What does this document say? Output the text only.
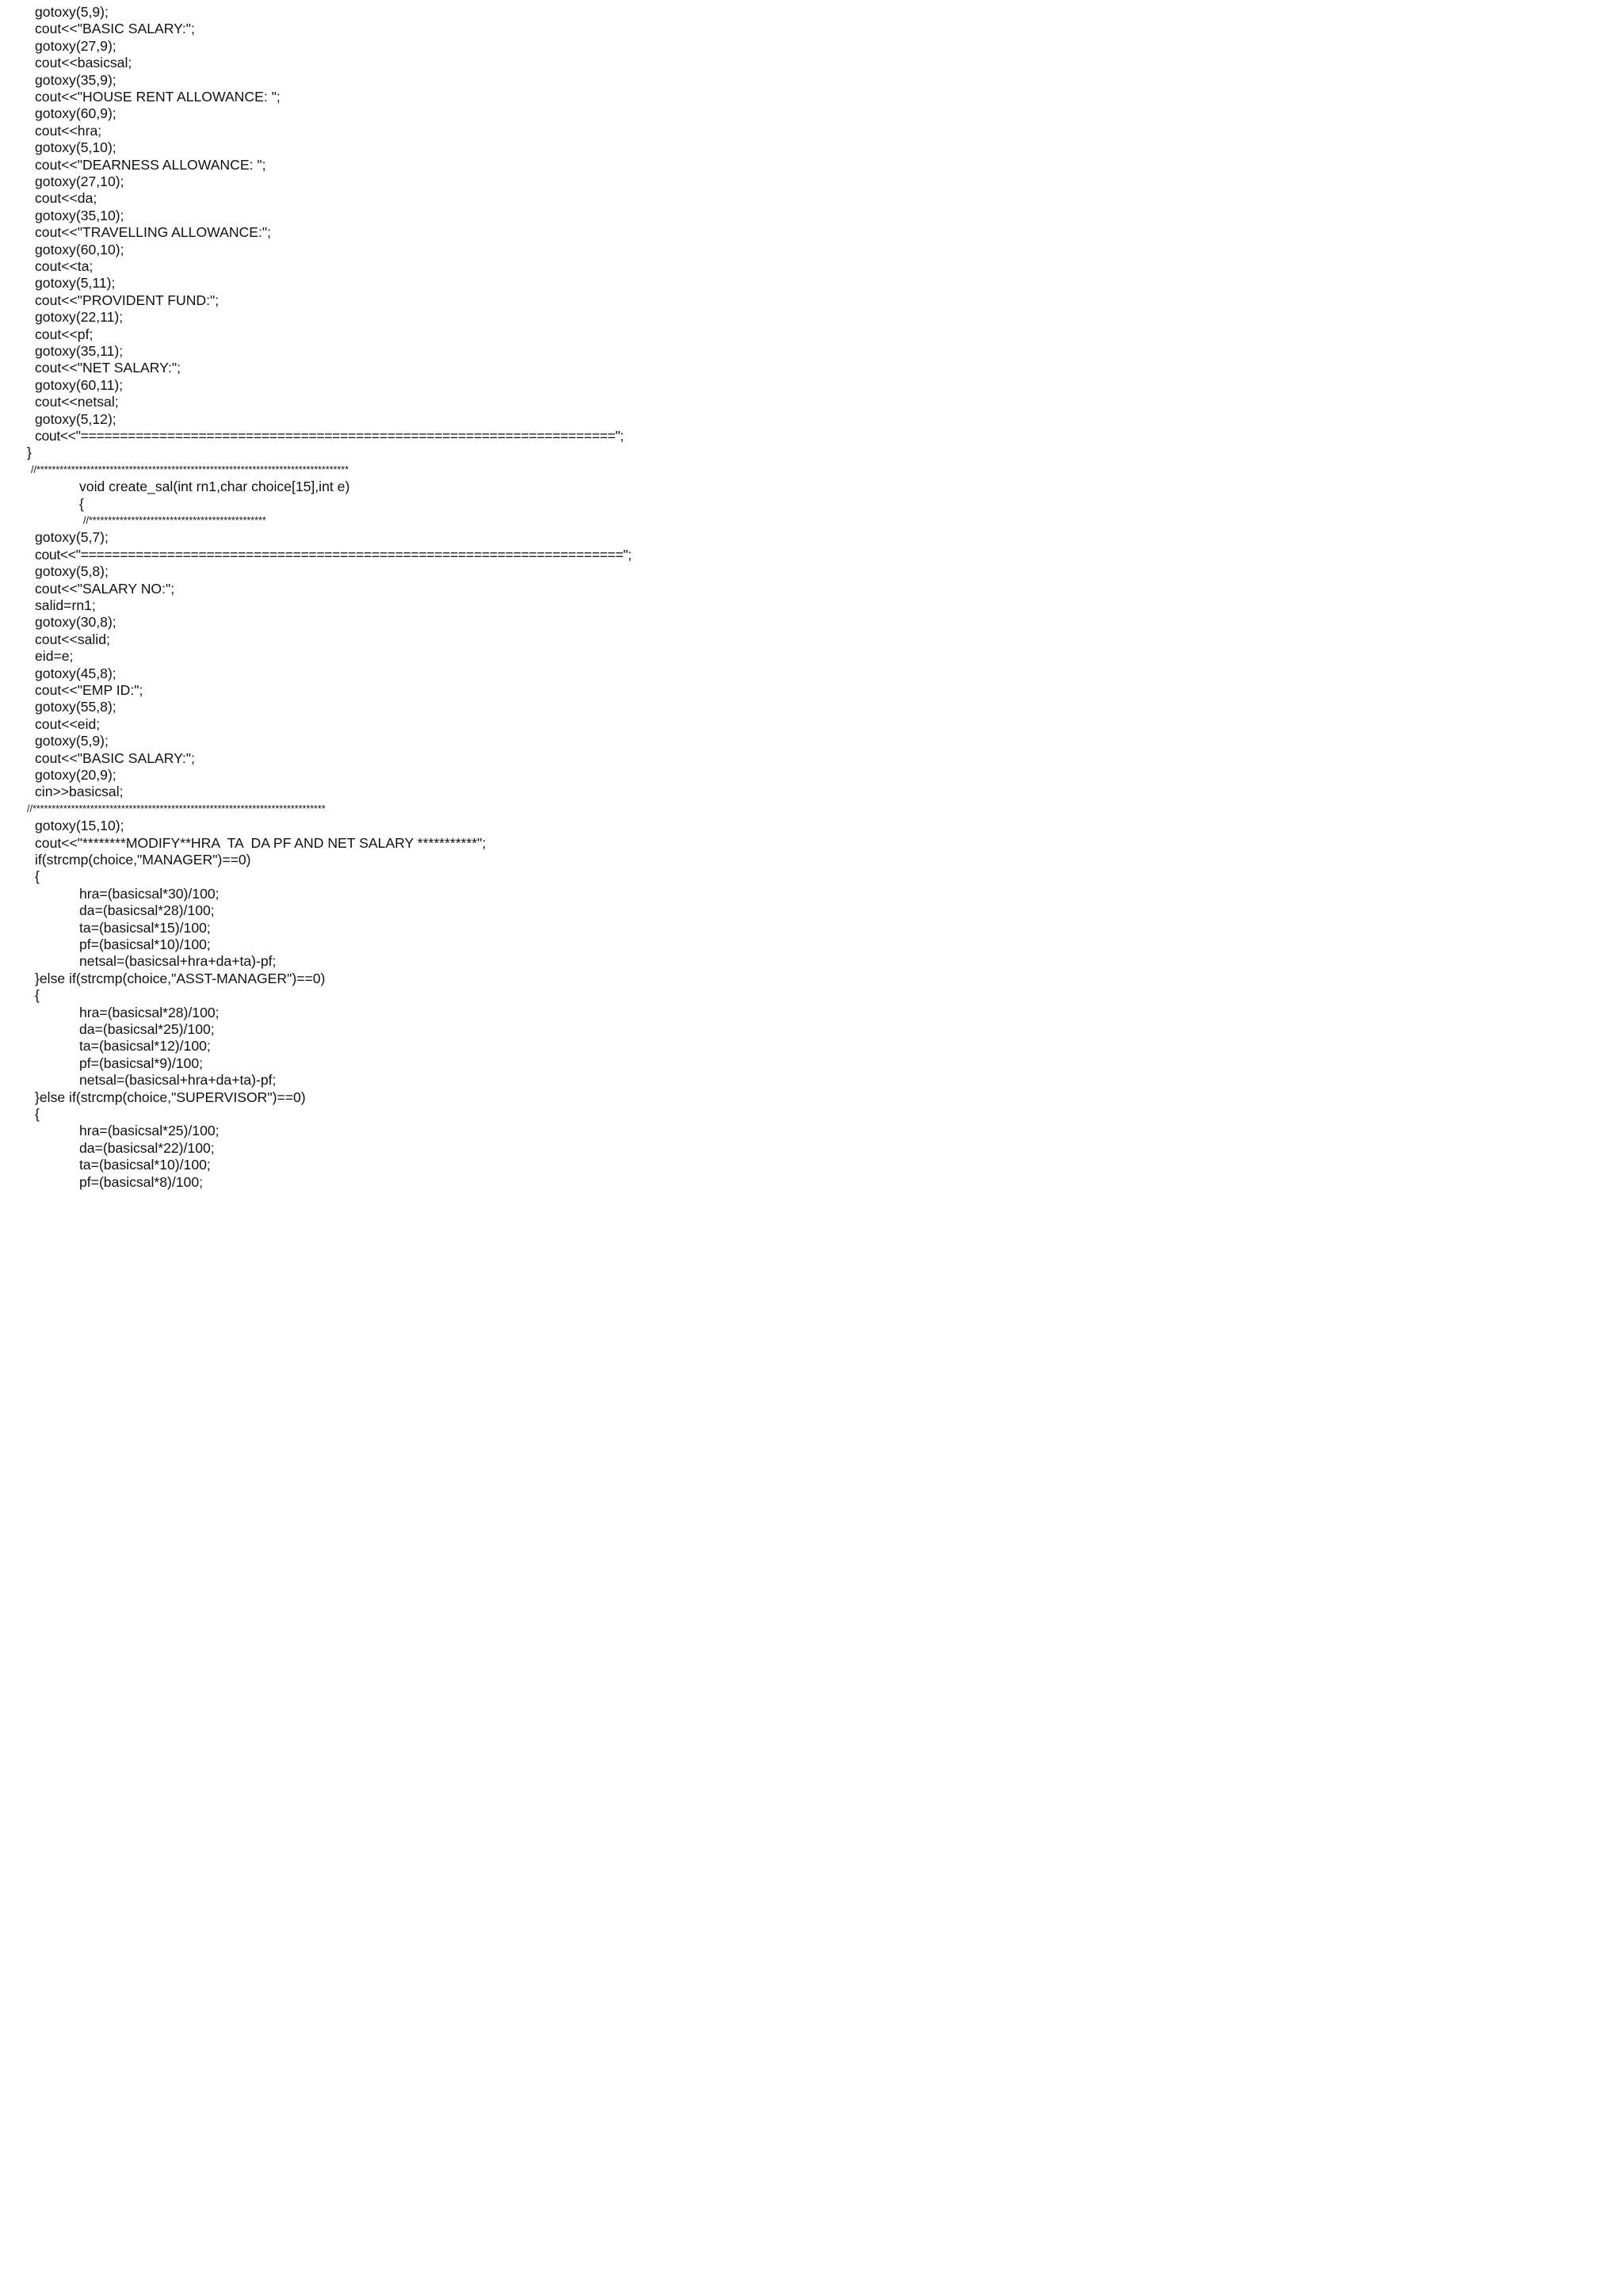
gotoxy(5,9);
cout<<"BASIC SALARY:";
gotoxy(27,9);
cout<<basicsal;
gotoxy(35,9);
cout<<"HOUSE RENT ALLOWANCE: ";
gotoxy(60,9);
cout<<hra;
gotoxy(5,10);
cout<<"DEARNESS ALLOWANCE: ";
gotoxy(27,10);
cout<<da;
gotoxy(35,10);
cout<<"TRAVELLING ALLOWANCE:";
gotoxy(60,10);
cout<<ta;
gotoxy(5,11);
cout<<"PROVIDENT FUND:";
gotoxy(22,11);
cout<<pf;
gotoxy(35,11);
cout<<"NET SALARY:";
gotoxy(60,11);
cout<<netsal;
gotoxy(5,12);
cout<<"====================================================================";
}
//*********************************************************************************
void create_sal(int rn1,char choice[15],int e)
{
//**********************************************
gotoxy(5,7);
cout<<"=====================================================================";
gotoxy(5,8);
cout<<"SALARY NO:";
salid=rn1;
gotoxy(30,8);
cout<<salid;
eid=e;
gotoxy(45,8);
cout<<"EMP ID:";
gotoxy(55,8);
cout<<eid;
gotoxy(5,9);
cout<<"BASIC SALARY:";
gotoxy(20,9);
cin>>basicsal;
//****************************************************************************
gotoxy(15,10);
cout<<"********MODIFY**HRA  TA  DA PF AND NET SALARY ***********";
if(strcmp(choice,"MANAGER")==0)
{
hra=(basicsal*30)/100;
da=(basicsal*28)/100;
ta=(basicsal*15)/100;
pf=(basicsal*10)/100;
netsal=(basicsal+hra+da+ta)-pf;
}else if(strcmp(choice,"ASST-MANAGER")==0)
{
hra=(basicsal*28)/100;
da=(basicsal*25)/100;
ta=(basicsal*12)/100;
pf=(basicsal*9)/100;
netsal=(basicsal+hra+da+ta)-pf;
}else if(strcmp(choice,"SUPERVISOR")==0)
{
hra=(basicsal*25)/100;
da=(basicsal*22)/100;
ta=(basicsal*10)/100;
pf=(basicsal*8)/100;
